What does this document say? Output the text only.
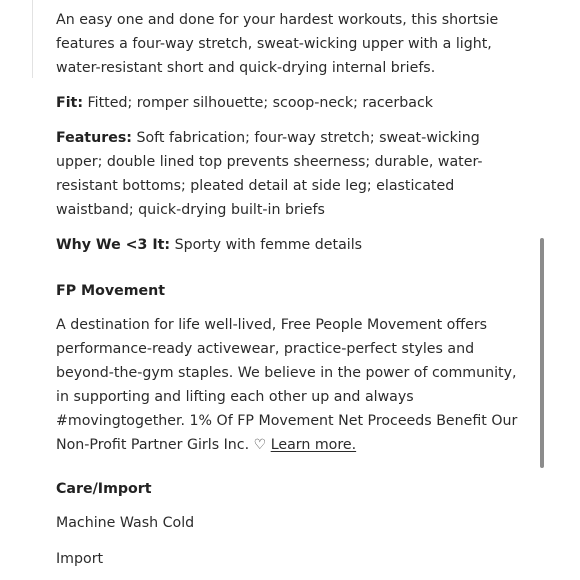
An easy one and done for your hardest workouts, this shortsie features a four-way stretch, sweat-wicking upper with a light, water-resistant short and quick-drying internal briefs.

Fit: Fitted; romper silhouette; scoop-neck; racerback

Features: Soft fabrication; four-way stretch; sweat-wicking upper; double lined top prevents sheerness; durable, water-resistant bottoms; pleated detail at side leg; elasticated waistband; quick-drying built-in briefs

Why We <3 It: Sporty with femme details

FP Movement

A destination for life well-lived, Free People Movement offers performance-ready activewear, practice-perfect styles and beyond-the-gym staples. We believe in the power of community, in supporting and lifting each other up and always #movingtogether. 1% Of FP Movement Net Proceeds Benefit Our Non-Profit Partner Girls Inc. ♡ Learn more.

Care/Import

Machine Wash Cold

Import
